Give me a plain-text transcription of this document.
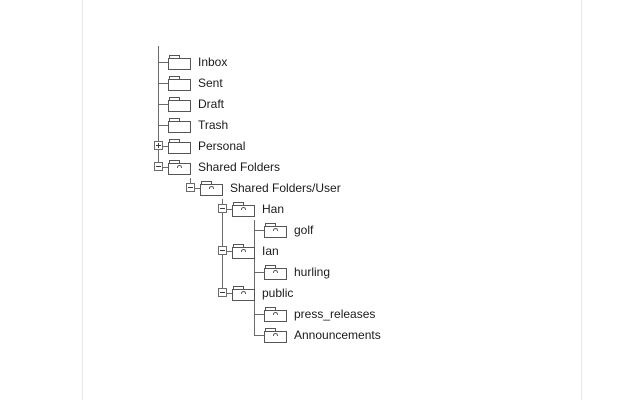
Inbox
Sent
Draft
Trash
Personal
Shared Folders
Shared Folders/User
Han
golf
Ian
hurling
public
press_releases
Announcements
